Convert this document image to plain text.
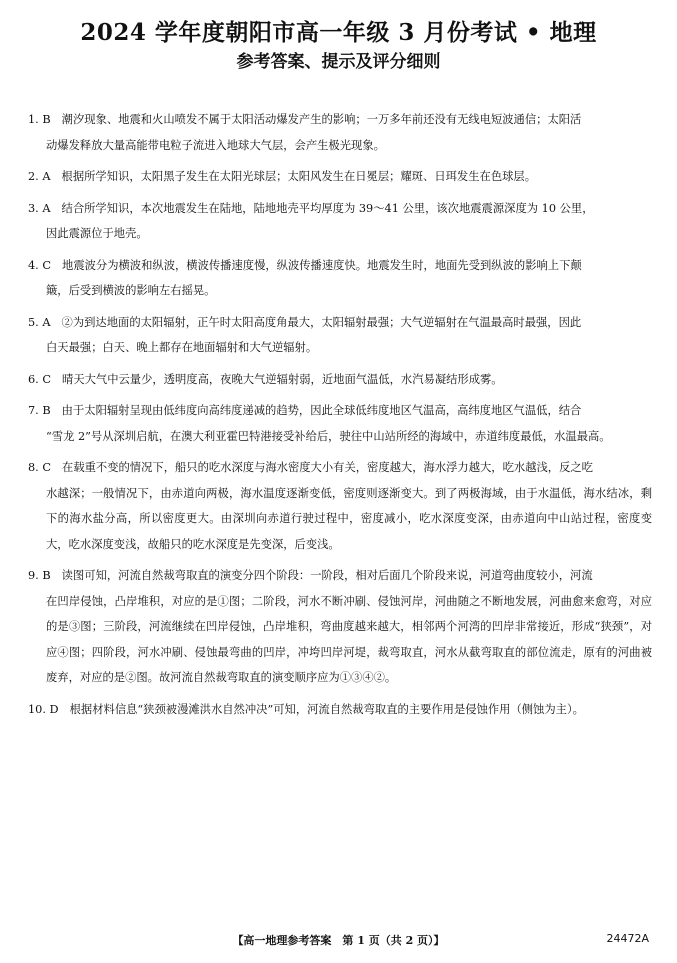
2024 学年度朝阳市高一年级 3 月份考试 • 地理
参考答案、提示及评分细则
1. B 潮汐现象、地震和火山喷发不属于太阳活动爆发产生的影响；一万多年前还没有无线电短波通信；太阳活
动爆发释放大量高能带电粒子流进入地球大气层，会产生极光现象。
2. A 根据所学知识，太阳黑子发生在太阳光球层；太阳风发生在日冕层；耀斑、日珥发生在色球层。
3. A 结合所学知识，本次地震发生在陆地，陆地地壳平均厚度为 39～41 公里，该次地震震源深度为 10 公里，
因此震源位于地壳。
4. C 地震波分为横波和纵波，横波传播速度慢，纵波传播速度快。地震发生时，地面先受到纵波的影响上下颠
簸，后受到横波的影响左右摇晃。
5. A ②为到达地面的太阳辐射，正午时太阳高度角最大，太阳辐射最强；大气逆辐射在气温最高时最强，因此
白天最强；白天、晚上都存在地面辐射和大气逆辐射。
6. C 晴天大气中云量少，透明度高，夜晚大气逆辐射弱，近地面气温低，水汽易凝结形成雾。
7. B 由于太阳辐射呈现由低纬度向高纬度递减的趋势，因此全球低纬度地区气温高，高纬度地区气温低，结合
“雪龙 2”号从深圳启航，在澳大利亚霍巴特港接受补给后，驶往中山站所经的海域中，赤道纬度最低，水温最高。
8. C 在载重不变的情况下，船只的吃水深度与海水密度大小有关，密度越大，海水浮力越大，吃水越浅，反之吃
水越深；一般情况下，由赤道向两极，海水温度逐渐变低，密度则逐渐变大。到了两极海域，由于水温低，海水结冰，剩下的海水盐分高，所以密度更大。由深圳向赤道行驶过程中，密度减小，吃水深度变深，由赤道向中山站过程，密度变大，吃水深度变浅，故船只的吃水深度是先变深，后变浅。
9. B 读图可知，河流自然裁弯取直的演变分四个阶段：一阶段，相对后面几个阶段来说，河道弯曲度较小，河流
在凹岸侵蚀，凸岸堆积，对应的是①图；二阶段，河水不断冲刷、侵蚀河岸，河曲随之不断地发展，河曲愈来愈弯，对应的是③图；三阶段，河流继续在凹岸侵蚀，凸岸堆积，弯曲度越来越大，相邻两个河湾的凹岸非常接近，形成“狭颈”，对应④图；四阶段，河水冲刷、侵蚀最弯曲的凹岸，冲垮凹岸河堤，裁弯取直，河水从截弯取直的部位流走，原有的河曲被废弃，对应的是②图。故河流自然裁弯取直的演变顺序应为①③④②。
10. D 根据材料信息“狭颈被漫滩洪水自然冲决”可知，河流自然裁弯取直的主要作用是侵蚀作用（侧蚀为主）。
【高一地理参考答案　第 1 页（共 2 页）】	24472A
